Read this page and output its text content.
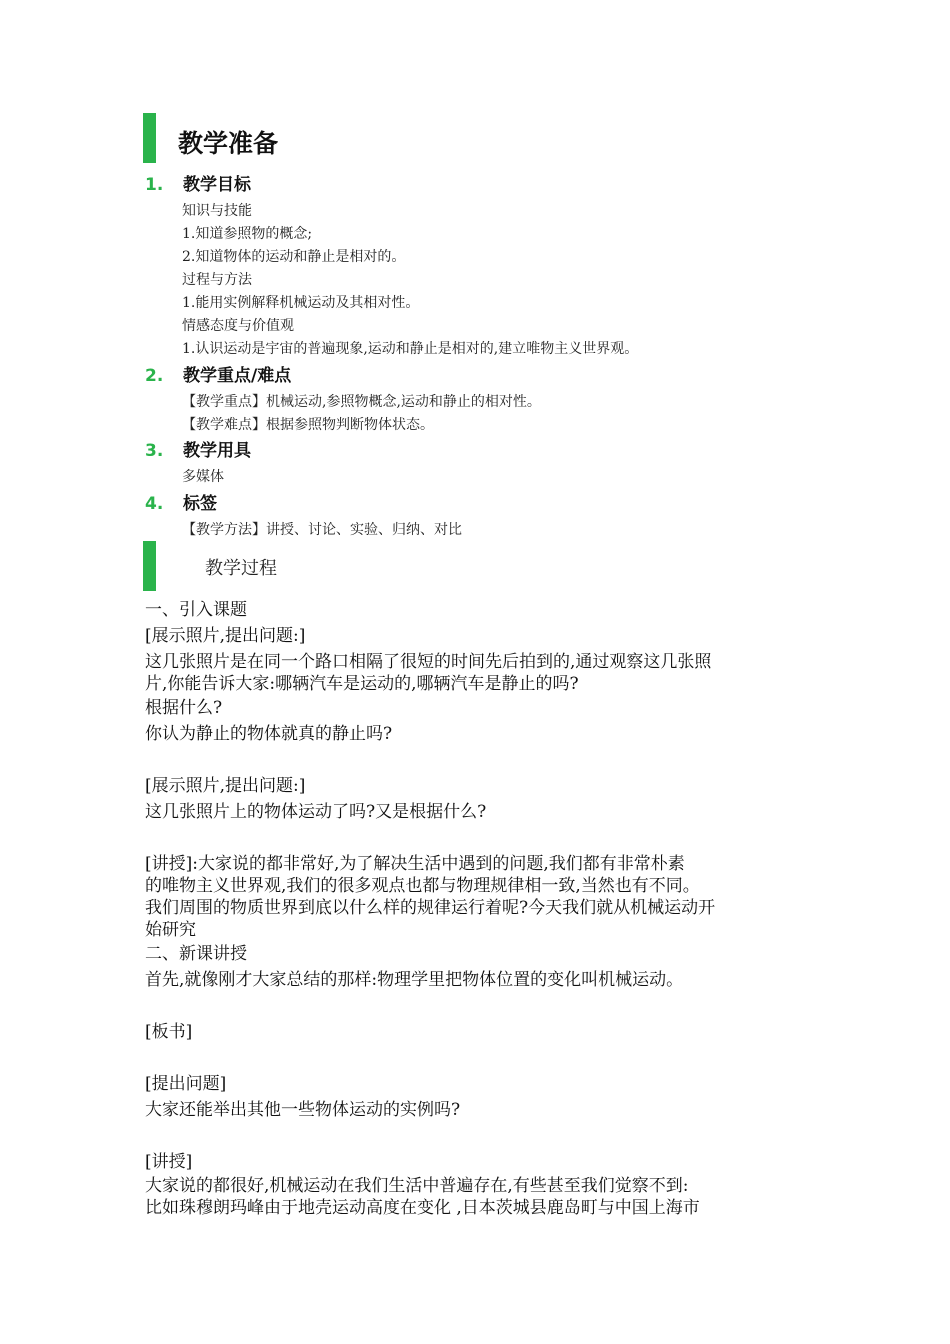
教学准备
1. 教学目标
知识与技能
1.知道参照物的概念;
2.知道物体的运动和静止是相对的。
过程与方法
1.能用实例解释机械运动及其相对性。
情感态度与价值观
1.认识运动是宇宙的普遍现象,运动和静止是相对的,建立唯物主义世界观。
2. 教学重点/难点
【教学重点】机械运动,参照物概念,运动和静止的相对性。
【教学难点】根据参照物判断物体状态。
3. 教学用具
多媒体
4. 标签
【教学方法】讲授、讨论、实验、归纳、对比
教学过程
一、引入课题
[展示照片,提出问题:]
这几张照片是在同一个路口相隔了很短的时间先后拍到的,通过观察这几张照
片,你能告诉大家:哪辆汽车是运动的,哪辆汽车是静止的吗?
根据什么?
你认为静止的物体就真的静止吗?
[展示照片,提出问题:]
这几张照片上的物体运动了吗?又是根据什么?
[讲授]:大家说的都非常好,为了解决生活中遇到的问题,我们都有非常朴素
的唯物主义世界观,我们的很多观点也都与物理规律相一致,当然也有不同。
我们周围的物质世界到底以什么样的规律运行着呢?今天我们就从机械运动开
始研究
二、新课讲授
首先,就像刚才大家总结的那样:物理学里把物体位置的变化叫机械运动。
[板书]
[提出问题]
大家还能举出其他一些物体运动的实例吗?
[讲授]
大家说的都很好,机械运动在我们生活中普遍存在,有些甚至我们觉察不到:
比如珠穆朗玛峰由于地壳运动高度在变化 ,日本茨城县鹿岛町与中国上海市
